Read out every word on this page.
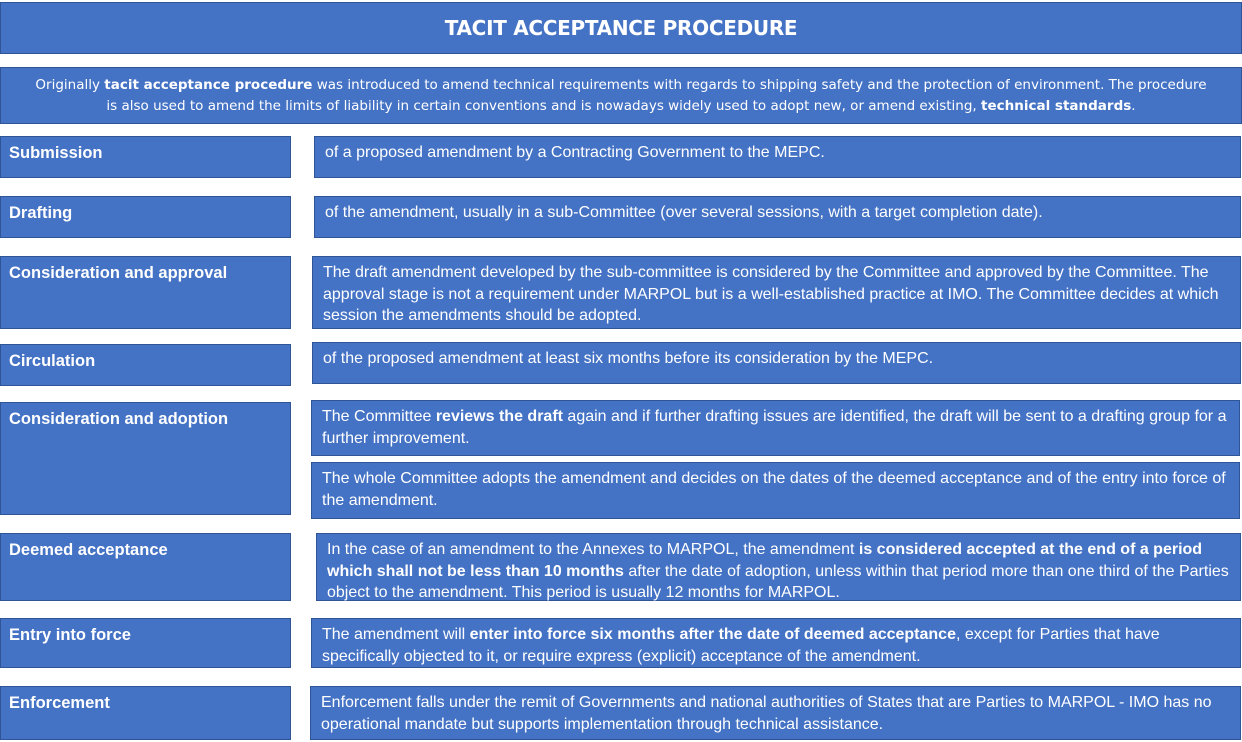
TACIT ACCEPTANCE PROCEDURE
Originally tacit acceptance procedure was introduced to amend technical requirements with regards to shipping safety and the protection of environment. The procedure is also used to amend the limits of liability in certain conventions and is nowadays widely used to adopt new, or amend existing, technical standards.
Submission	of a proposed amendment by a Contracting Government to the MEPC.
Drafting	of the amendment, usually in a sub-Committee (over several sessions, with a target completion date).
Consideration and approval	The draft amendment developed by the sub-committee is considered by the Committee and approved by the Committee. The approval stage is not a requirement under MARPOL but is a well-established practice at IMO. The Committee decides at which session the amendments should be adopted.
Circulation	of the proposed amendment at least six months before its consideration by the MEPC.
Consideration and adoption	The Committee reviews the draft again and if further drafting issues are identified, the draft will be sent to a drafting group for a further improvement.
The whole Committee adopts the amendment and decides on the dates of the deemed acceptance and of the entry into force of the amendment.
Deemed acceptance	In the case of an amendment to the Annexes to MARPOL, the amendment is considered accepted at the end of a period which shall not be less than 10 months after the date of adoption, unless within that period more than one third of the Parties object to the amendment. This period is usually 12 months for MARPOL.
Entry into force	The amendment will enter into force six months after the date of deemed acceptance, except for Parties that have specifically objected to it, or require express (explicit) acceptance of the amendment.
Enforcement	Enforcement falls under the remit of Governments and national authorities of States that are Parties to MARPOL - IMO has no operational mandate but supports implementation through technical assistance.
